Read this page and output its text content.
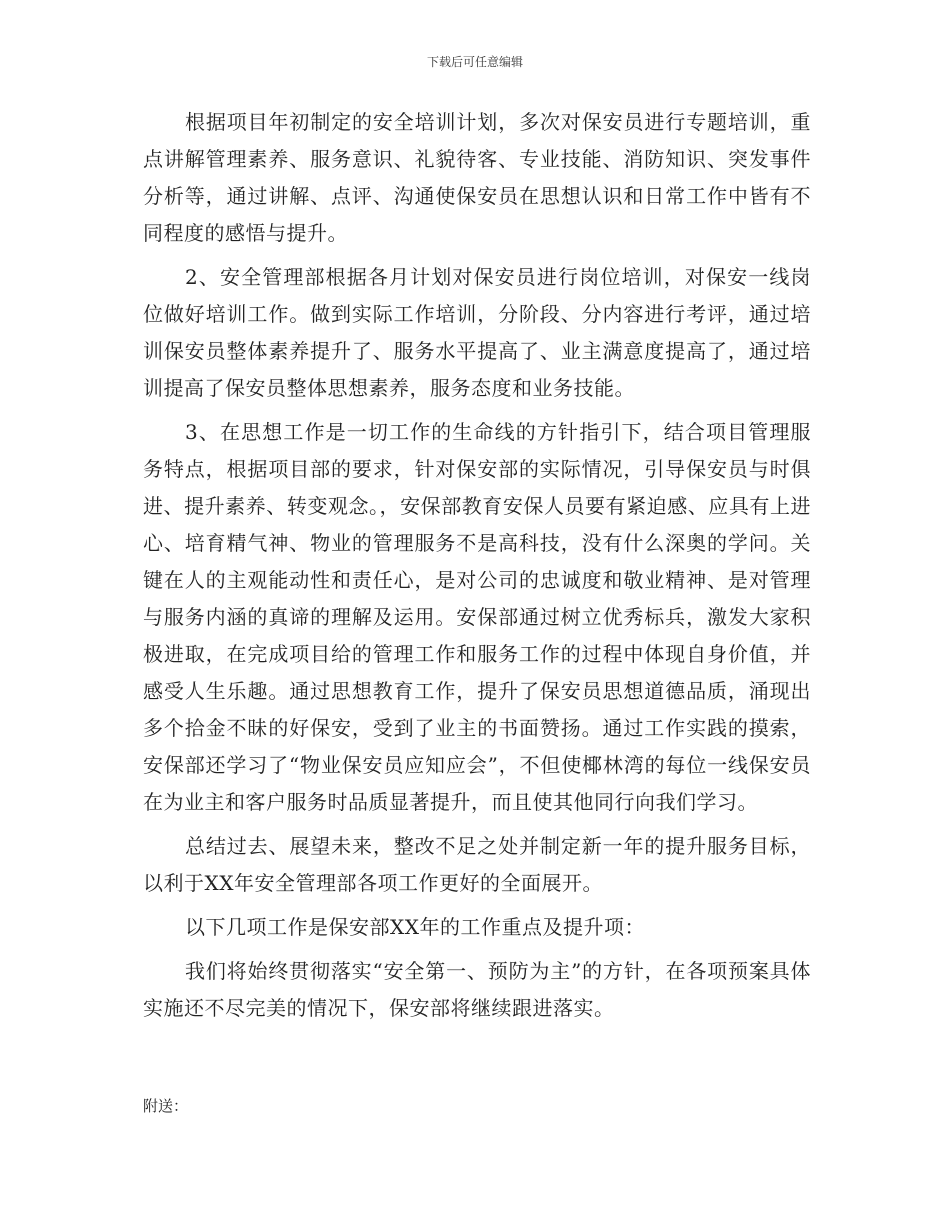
下载后可任意编辑

根据项目年初制定的安全培训计划，多次对保安员进行专题培训，重点讲解管理素养、服务意识、礼貌待客、专业技能、消防知识、突发事件分析等，通过讲解、点评、沟通使保安员在思想认识和日常工作中皆有不同程度的感悟与提升。

2、安全管理部根据各月计划对保安员进行岗位培训，对保安一线岗位做好培训工作。做到实际工作培训，分阶段、分内容进行考评，通过培训保安员整体素养提升了、服务水平提高了、业主满意度提高了，通过培训提高了保安员整体思想素养，服务态度和业务技能。

3、在思想工作是一切工作的生命线的方针指引下，结合项目管理服务特点，根据项目部的要求，针对保安部的实际情况，引导保安员与时俱进、提升素养、转变观念。，安保部教育安保人员要有紧迫感、应具有上进心、培育精气神、物业的管理服务不是高科技，没有什么深奥的学问。关键在人的主观能动性和责任心，是对公司的忠诚度和敬业精神、是对管理与服务内涵的真谛的理解及运用。安保部通过树立优秀标兵，激发大家积极进取，在完成项目给的管理工作和服务工作的过程中体现自身价值，并感受人生乐趣。通过思想教育工作，提升了保安员思想道德品质，涌现出多个拾金不昧的好保安，受到了业主的书面赞扬。通过工作实践的摸索，安保部还学习了“物业保安员应知应会”，不但使椰林湾的每位一线保安员在为业主和客户服务时品质显著提升，而且使其他同行向我们学习。

总结过去、展望未来，整改不足之处并制定新一年的提升服务目标，以利于XX年安全管理部各项工作更好的全面展开。

以下几项工作是保安部XX年的工作重点及提升项：

我们将始终贯彻落实“安全第一、预防为主”的方针，在各项预案具体实施还不尽完美的情况下，保安部将继续跟进落实。

附送：
